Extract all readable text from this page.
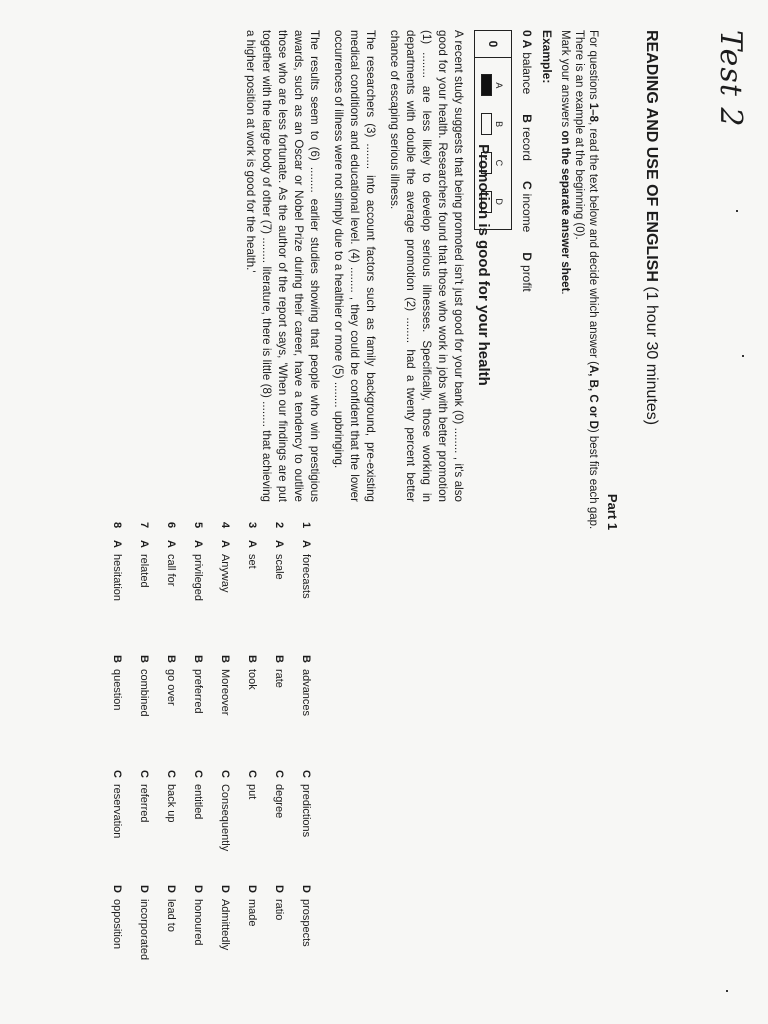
Test 2
READING AND USE OF ENGLISH (1 hour 30 minutes)
Part 1

For questions 1–8, read the text below and decide which answer (A, B, C or D) best fits each gap.

There is an example at the beginning (0).

Mark your answers on the separate answer sheet.

Example:
0 Abalance
Brecord
Cincome
Dprofit
0
A
B
C
D
Promotion is good for your health

A recent study suggests that being promoted isn't just good for your bank (0) ........ , it's also good for your health. Researchers found that those who work in jobs with better promotion (1) ........ are less likely to develop serious illnesses. Specifically, those working in departments with double the average promotion (2) ........ had a twenty percent better chance of escaping serious illness.

The researchers (3) ........ into account factors such as family background, pre-existing medical conditions and educational level. (4) ........ , they could be confident that the lower occurrences of illness were not simply due to a healthier or more (5) ........ upbringing.

The results seem to (6) ........ earlier studies showing that people who win prestigious awards, such as an Oscar or Nobel Prize during their career, have a tendency to outlive those who are less fortunate. As the author of the report says, 'When our findings are put together with the large body of other (7) ........ literature, there is little (8) ........ that achieving a higher position at work is good for the health.'

1
Aforecasts
Badvances
Cpredictions
Dprospects
2
Ascale
Brate
Cdegree
Dratio
3
Aset
Btook
Cput
Dmade
4
AAnyway
BMoreover
CConsequently
DAdmittedly
5
Aprivileged
Bpreferred
Centitled
Dhonoured
6
Acall for
Bgo over
Cback up
Dlead to
7
Arelated
Bcombined
Creferred
Dincorporated
8
Ahesitation
Bquestion
Creservation
Dopposition
